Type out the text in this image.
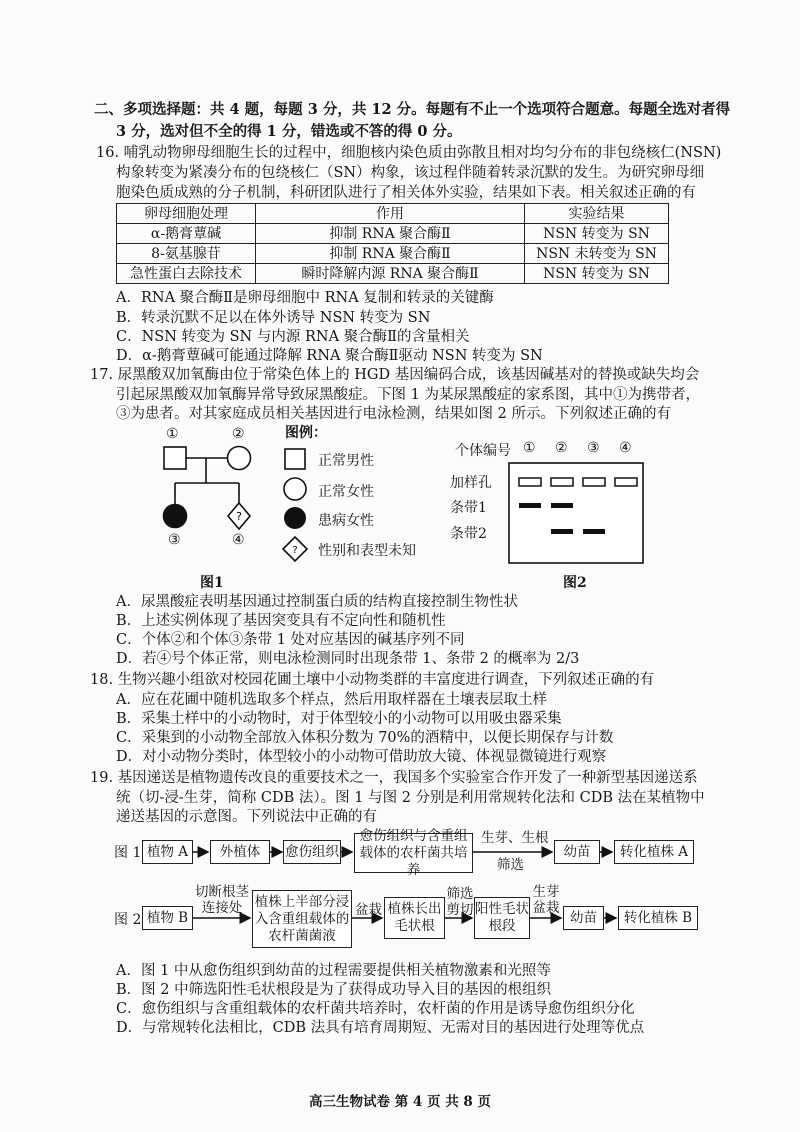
二、多项选择题：共 4 题，每题 3 分，共 12 分。每题有不止一个选项符合题意。每题全选对者得
3 分，选对但不全的得 1 分，错选或不答的得 0 分。
16. 哺乳动物卵母细胞生长的过程中，细胞核内染色质由弥散且相对均匀分布的非包绕核仁(NSN)
构象转变为紧凑分布的包绕核仁（SN）构象，该过程伴随着转录沉默的发生。为研究卵母细
胞染色质成熟的分子机制，科研团队进行了相关体外实验，结果如下表。相关叙述正确的有
卵母细胞处理	作用	实验结果
α-鹅膏蕈碱	抑制 RNA 聚合酶Ⅱ	NSN 转变为 SN
8-氨基腺苷	抑制 RNA 聚合酶Ⅱ	NSN 未转变为 SN
急性蛋白去除技术	瞬时降解内源 RNA 聚合酶Ⅱ	NSN 转变为 SN
A．RNA 聚合酶Ⅱ是卵母细胞中 RNA 复制和转录的关键酶
B．转录沉默不足以在体外诱导 NSN 转变为 SN
C．NSN 转变为 SN 与内源 RNA 聚合酶Ⅱ的含量相关
D．α-鹅膏蕈碱可能通过降解 RNA 聚合酶Ⅱ驱动 NSN 转变为 SN
17. 尿黑酸双加氧酶由位于常染色体上的 HGD 基因编码合成，该基因碱基对的替换或缺失均会
引起尿黑酸双加氧酶异常导致尿黑酸症。下图 1 为某尿黑酸症的家系图，其中①为携带者，
③为患者。对其家庭成员相关基因进行电泳检测，结果如图 2 所示。下列叙述正确的有
?
①	②
③	④
图例：
?
正常男性
正常女性
患病女性
性别和表型未知
图1
个体编号 ① ② ③ ④
加样孔
条带1
条带2
图2
A．尿黑酸症表明基因通过控制蛋白质的结构直接控制生物性状
B．上述实例体现了基因突变具有不定向性和随机性
C．个体②和个体③条带 1 处对应基因的碱基序列不同
D．若④号个体正常，则电泳检测同时出现条带 1、条带 2 的概率为 2/3
18. 生物兴趣小组欲对校园花圃土壤中小动物类群的丰富度进行调查，下列叙述正确的有
A．应在花圃中随机选取多个样点，然后用取样器在土壤表层取土样
B．采集土样中的小动物时，对于体型较小的小动物可以用吸虫器采集
C．采集到的小动物全部放入体积分数为 70%的酒精中，以便长期保存与计数
D．对小动物分类时，体型较小的小动物可借助放大镜、体视显微镜进行观察
19. 基因递送是植物遗传改良的重要技术之一，我国多个实验室合作开发了一种新型基因递送系
统（切-浸-生芽，简称 CDB 法）。图 1 与图 2 分别是利用常规转化法和 CDB 法在某植物中
递送基因的示意图。下列说法中正确的有
图 1 植物 A	外植体	愈伤组织
愈伤组织与含重组载体的农杆菌共培养
幼苗	转化植株 A
生芽、生根
筛选
图 2 植物 B
植株上半部分浸入含重组载体的农杆菌菌液
植株长出毛状根
阳性毛状根段
幼苗	转化植株 B
切断根茎连接处	盆栽
筛选剪切
生芽盆栽
A．图 1 中从愈伤组织到幼苗的过程需要提供相关植物激素和光照等
B．图 2 中筛选阳性毛状根段是为了获得成功导入目的基因的根组织
C．愈伤组织与含重组载体的农杆菌共培养时，农杆菌的作用是诱导愈伤组织分化
D．与常规转化法相比，CDB 法具有培育周期短、无需对目的基因进行处理等优点
高三生物试卷 第 4 页 共 8 页
